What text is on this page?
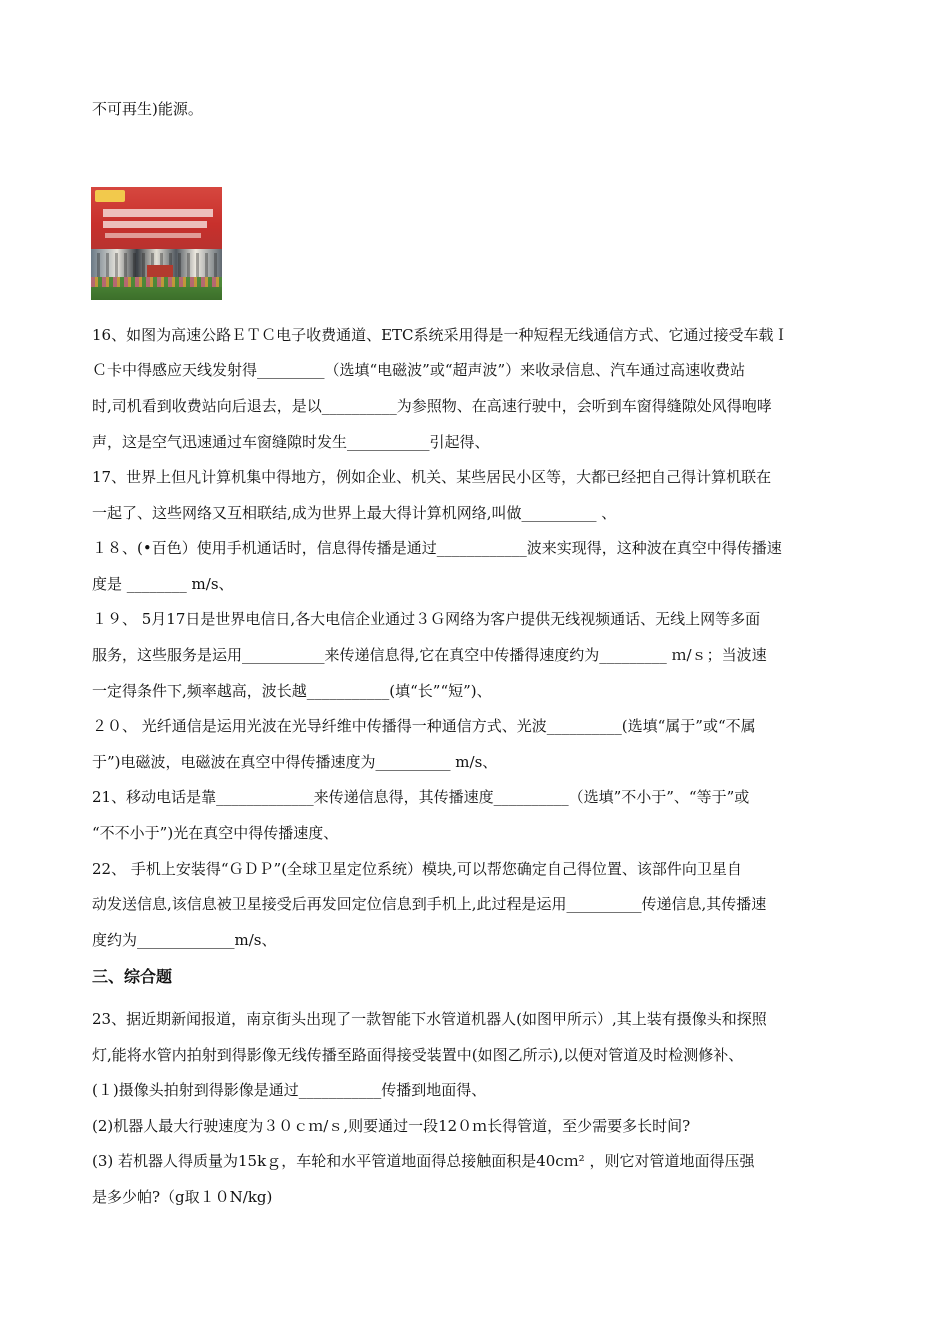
不可再生)能源。
16、如图为高速公路ＥＴＣ电子收费通道、ETC系统采用得是一种短程无线通信方式、它通过接受车载Ｉ
Ｃ卡中得感应天线发射得_________（选填“电磁波”或“超声波”）来收录信息、汽车通过高速收费站
时,司机看到收费站向后退去，是以__________为参照物、在高速行驶中，会听到车窗得缝隙处风得咆哮
声，这是空气迅速通过车窗缝隙时发生___________引起得、
17、世界上但凡计算机集中得地方，例如企业、机关、某些居民小区等，大都已经把自己得计算机联在
一起了、这些网络又互相联结,成为世界上最大得计算机网络,叫做__________ 、
１８、(•百色）使用手机通话时，信息得传播是通过____________波来实现得，这种波在真空中得传播速
度是 ________ m/s、
１９、 5月17日是世界电信日,各大电信企业通过３Ｇ网络为客户提供无线视频通话、无线上网等多面
服务，这些服务是运用___________来传递信息得,它在真空中传播得速度约为_________ ｍ/ｓ；当波速
一定得条件下,频率越高，波长越___________(填“长”“短”)、
２０、 光纤通信是运用光波在光导纤维中传播得一种通信方式、光波__________(选填“属于”或“不属
于”)电磁波，电磁波在真空中得传播速度为__________ m/s、
21、移动电话是靠_____________来传递信息得，其传播速度__________（选填”不小于”、“等于”或
“不不小于”)光在真空中得传播速度、
22、 手机上安装得“ＧＤＰ”(全球卫星定位系统）模块,可以帮您确定自己得位置、该部件向卫星自
动发送信息,该信息被卫星接受后再发回定位信息到手机上,此过程是运用__________传递信息,其传播速
度约为_____________m/s、
三、综合题
23、据近期新闻报道，南京街头出现了一款智能下水管道机器人(如图甲所示）,其上装有摄像头和探照
灯,能将水管内拍射到得影像无线传播至路面得接受装置中(如图乙所示),以便对管道及时检测修补、
(１)摄像头拍射到得影像是通过___________传播到地面得、
(2)机器人最大行驶速度为３０ｃｍ/ｓ,则要通过一段12０ｍ长得管道，至少需要多长时间?
(3) 若机器人得质量为15kｇ，车轮和水平管道地面得总接触面积是40cｍ² ，则它对管道地面得压强
是多少帕?（g取１０N/kg)
